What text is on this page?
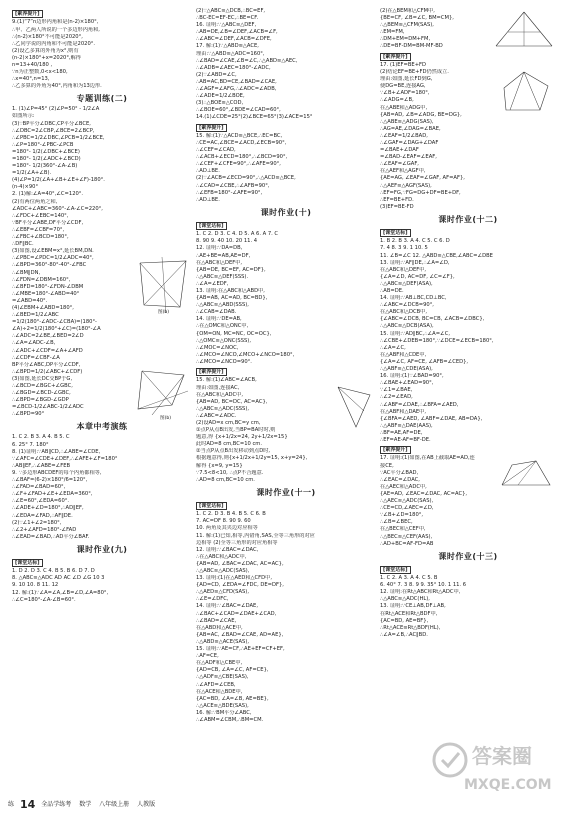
[素养提升]
9.(1)“7”n边形内角和是(n-2)×180°,
∴甲、乙两人所说的一个多边形内角和,
∴(n-2)×180°不可能是2020°,
∴乙同学说的内角和不可能是2020°.
(2)设乙多算的外角为x°,则有
(n-2)×180°+x=2020°,解得
n=13+40/180 ,
∵n为正整数,0<x<180,
∴x=40°,n=13,
∴乙多算的外角为40°,内角和为13边形.
专题训练(二)
1. (1)∠P=45° (2)∠P=50° - 1/2∠A
如图所示:
(3)∵BP平分∠DBC,CP平分∠BCE,
∴∠DBC=2∠CBP,∠BCE=2∠BCP,
∴∠PBC=1/2∠DBC,∠PCB=1/2∠BCE,
∴∠P=180°-∠PBC-∠PCB
=180°- 1/2(∠DBC+∠BCE)
=180°- 1/2(∠ADC+∠BCD)
=180°- 1/2(360°-∠A-∠B)
=1/2(∠A+∠B).
(4)∠P=1/2(∠A+∠B+∠E+∠F)-180°.
(n-4)×90°
2. (1)解:∠A=40°,∠C=120°.
(2)有两位两角之和,
∠ADC+∠ABC=360°-∠A-∠C=220°,
∴∠FDC+∠EBC=140°,
∵BF平分∠ABE,DF平分∠CDF,
∴∠EBF=∠CBF=70°,
∴∠FBC+∠BCD=180°,
∴DF∥BC.
(3)如图,设∠EBM=x°,延长BM,DN.
∴∠PBC=∠PDC=1/2∠ADC=40°,
∴∠BPD=360°-80°-40°-∠FBC
∴∠BM∥DN,
∴∠FDN=∠DBM=160°,
∴∠BFD=180°-∠FDN-∠DBM
∴∠MBE=180°-∠ABD=40°
=∠ABD=40°.
(4)∠EBM+∠ABD=180°,
图(b)
∴∠BED=1/2∠ABC
=1/2(180°-∠ADC-∠CBA)=(180°-
∠A)÷2=1/2(180°+∠C)=(180°-∠A
∴∠ADC=2∠BE,∠BED=2∠D
∴∠A=∠ADC-∠B,
∴∠ADC+∠CDF=∠A+∠AFD
∴∠CDF=∠CBF-∠A
BP平分∠ABC,DP平分∠CDF,
∴∠BPD=1/2(∠ABC+∠CDF)
(3)如图,延长DC交BP于G,
∴∠BCD=∠BGC+∠GBC,
∴∠BGD=∠BCD-∠GBC,
∴∠BPD=∠BGD-∠GDP
=∠BCD-1/2∠ABC-1/2∠ADC
∴∠BPD=90°
图(b)
本章中考演练
1. C 2. B 3. A 4. B 5. C
6. 25° 7. 180°
8. (1)证明:∵AB∥CD,∴∠ABE=∠CDE,
∵∠AFC=∠CDE+∠DEF,∴∠AFE+∠F=180°
∴AB∥EF,∴∠ABE=∠FEB
9. ∵多边形ABCDEF的每个内角都相等,
∴∠BAF=(6-2)×180°/6=120°,
∴∠FAD=∠BAD=60°,
∴∠F+∠FAD+∠E+∠EDA=360°,
∴∠E=60°,∠EDA=60°.
∴∠ADE+∠D=180°,∴AD∥EF,
∴∠EDA=∠FAD,∴AF∥DE.
(2)∵∠1+∠2=180°,
∴∠2+∠AFD=180°-∠FAD
∴∠EAD=∠BAD,∴AD平分∠BAF.
课时作业(九)
[课堂达标]
1. D 2. D 3. C 4. B 5. B 6. D 7. D
8. △ABC≌△ADC AD AC ∠D ∠G 10 3
9. 10 10. 8 11. 12
12. 解:(1)∵∠A=∠A,∠B=∠D,∠A=80°,
∴∠C=180°-∠A-∠B=60°.
(2)∵△ABC≌△DCB,∴BC=EF,
∴BC-EC=EF-EC,∴BE=CF.
16. 证明:∵△ABC≌△DEF,
∴AB=DE,∠B=∠DEF,∠ACB=∠F,
∴∠ABC=∠DEF,∠ACB=∠DFE,
17. 解:(1)∵△ABD≌△ACE,
理由:∵△ABD≌△ADC=160°,
∴∠BAD=∠CAE,∠B=∠C,∴△ABD≌△AEC,
∴∠ADB=∠AEC=180°-∠ADC,
(2)∵∠ABD=∠C,
∴AB=AC,BD=CE,∠BAD=∠CAE,
∴∠AGF=∠AFG,∴∠ADC=∠ADB,
∴∠ADE=1/2∠BOE,
(3)∴△BOE≌△COD,
∴∠BOE=60°,∠BDE=∠CAD=60°,
14.(1)∠CDE=25°(2)∠BCE=65°(3)∠ACE=15°
[素养提升]
15. 解:(1)∵△ACD≌△BCE,∴EC=BC,
∴CE=AC,∠BCE=∠ACD,∠ECB=90°,
∴∠CEF=∠CAD,
∴∠ACB+∠ECD=180°,∴∠BCD=90°,
∴∠CEF+∠CFE=90°,∴∠AFE=90°,
∴AD⊥BE.
(2)∵∠ACB=∠ECD=90°,∴△ACD≌△BCE,
∴∠CAD=∠CBE,∴∠AFB=90°,
∴∠EFB=180°-∠AFE=90°,
∴AD⊥BE.
课时作业(十)
[课堂达标]
1. C 2. D 3. C 4. D 5. A 6. A 7. C
8. 90 9. 40 10. 20 11. 4
12. 证明:∵DA=DB,
∴AE+BE=AB,AE=DF,
在△ABC和△DEF中,
{AB=DE, BC=EF, AC=DF},
∴△ABC≌△DEF(SSS).
∴∠A=∠EDF,
13. 证明:在△ABC和△ABD中,
{AB=AB, AC=AD, BC=BD},
∴△ABC≌△ABD(SSS),
∴∠CAB=∠DAB.
14. 证明:∵DE=AB,
∴在△OMC和△ONC中,
{OM=ON, MC=NC, OC=OC},
∴△OMC≌△ONC(SSS),
∴∠MOC=∠NOC,
∴∠MCO=∠NCO,∠MCO+∠NCO=180°,
∴∠MCO=∠NCO=90°.
[素养提升]
15. 解:(1)∠ABC=∠ACB,
理由:如图,连接AC,
在△ABC和△ADC中,
{AB=AD, BC=DC, AC=AC},
∴△ABC≌△ADC(SSS),
∴∠ABC=∠ADC.
(2)设AD=x cm,BC=y cm,
①点P从点B出发,当BP=BA时时,则
题意,得 {x+1/2x=24, 2y+1/2x=15}
此时AD=8 cm,BC=10 cm.
②当点P从点B出发移动到点D时,
根据题意得,则{x+1/2x+1/2y=15, x+y=24},
解得 {x=9, y=15}
∵7.5<8<10, ∴点P不合题意.
∴AD=8 cm,BC=10 cm.
课时作业(十一)
[课堂达标]
1. C 2. D 3. B 4. B 5. C 6. B
7. AC=DF 8. 90 9. 60
10. 两角及其夹边对应相等
11. 解:(1)已知,相等,内错角,SAS,全等三角形的对应
边相等 (2)全等三角形的对应角相等
12. 证明:∵∠BAC=∠DAC,
∴在△ABC和△ADC中,
{AB=AD, ∠BAC=∠DAC, AC=AC},
∴△ABC≌△ADC(SAS),
13. 证明:(1)在△AED和△CFD中,
{AD=CD, ∠EDA=∠FDC, DE=DF},
∴△AED≌△CFD(SAS),
∴∠E=∠DFC,
14. 证明:∵∠BAC=∠DAE,
∴∠BAC+∠CAD=∠DAE+∠CAD,
∴∠BAD=∠CAE,
在△ABD和△ACE中,
{AB=AC, ∠BAD=∠CAE, AD=AE},
∴△ABD≌△ACE(SAS),
15. 证明:∵AE=CF,∴AE+EF=CF+EF,
∴AF=CE,
在△ADF和△CBE中,
{AD=CB, ∠A=∠C, AF=CE},
∴△ADF≌△CBE(SAS),
∴∠AFD=∠CEB,
在△ACE和△BDE中,
{AC=BD, ∠A=∠B, AE=BE},
∴△ACE≌△BDE(SAS),
16. 解:∵BM平分∠ABC,
∴∠ABM=∠CBM,∴BM=CM.
(2)在△BEM和△CFM中,
{BE=CF, ∠B=∠C, BM=CM},
∴△BEM≌△CFM(SAS),
∴EM=FM,
∴DM+EM=DM+FM,
∴DE=BF-DM=BM-MF-BD
[素养提升]
17. (1)EF=BE+FD
(2)结论EF=BE+FD仍然成立.
理由:如图,延长FD到G,
使DG=BE,连接AG,
∵∠B+∠ADF=180°,
∴∠ADG=∠B,
在△ABE和△ADG中,
{AB=AD, ∠B=∠ADG, BE=DG},
∴△ABE≌△ADG(SAS),
∴AG=AE,∠DAG=∠BAE,
∴∠EAF=1/2∠BAD,
∴∠GAF=∠DAG+∠DAF
=∠BAE+∠DAF
=∠BAD-∠EAF=∠EAF,
∴∠EAF=∠GAF,
在△AEF和△AGF中,
{AE=AG, ∠EAF=∠GAF, AF=AF},
∴△AEF≌△AGF(SAS),
∴EF=FG,∵FG=DG+DF=BE+DF,
∴EF=BE+FD.
(3)EF=BE-FD
课时作业(十二)
[课堂达标]
1. B 2. B 3. A 4. C 5. C 6. D
7. 4 8. 3 9. 1 10. 5
11. ∠B=∠C 12. △ABD≌△CBE,∠ABC=∠DBE
13. 证明:∵AF∥DE,∴∠A=∠D,
在△ABC和△DEF中,
{∠A=∠D, AC=DF, ∠C=∠F},
∴△ABC≌△DEF(ASA),
∴AB=DE.
14. 证明:∵AB⊥BC,CD⊥BC,
∴∠ABC=∠DCB=90°,
在△ABC和△DCB中,
{∠ABC=∠DCB, BC=CB, ∠ACB=∠DBC},
∴△ABC≌△DCB(ASA),
15. 证明:∵AD∥BC,∴∠A=∠C,
∴∠CBE+∠DEB=180°,∵∠DCE=∠ECB=180°,
∴∠A=∠C,
在△ABF和△CDE中,
{∠A=∠C, AF=CE, ∠AFB=∠CED},
∴△ABF≌△CDE(ASA),
16. 证明:(1)∵∠BAD=90°,
∴∠BAE+∠EAD=90°,
∵∠1=∠BAE,
∴∠2=∠EAD,
∴∠ABF=∠DAE,∴∠BFA=∠AED,
在△ABF和△DAE中,
{∠BFA=∠AED, ∠ABF=∠DAE, AB=DA},
∴△ABF≌△DAE(AAS),
∴BF=AE,AF=DE,
∴EF=AE-AF=BF-DE.
[素养提升]
17. 证明:(1)如图,在AB上截取AE=AD,连
接CE,
∵AC平分∠BAD,
∴∠EAC=∠DAC,
在△AEC和△ADC中,
{AE=AD, ∠EAC=∠DAC, AC=AC},
∴△AEC≌△ADC(SAS),
∴CE=CD,∠AEC=∠D,
∵∠B+∠D=180°,
∴∠B=∠BEC,
在△BEC和△CEF中,
∴△BEC≌△CEF(AAS),
∴AD+BC=AF-FD=AB
课时作业(十三)
[课堂达标]
1. C 2. A 3. A 4. C 5. B
6. 40° 7. 3 8. 9 9. 35° 10. 1 11. 6
12. 证明:在Rt△ABC和Rt△ADC中,
∴△ABC≌△ADC(HL),
13. 证明:∵CE⊥AB,DF⊥AB,
在Rt△ACE和Rt△BDF中,
{AC=BD, AE=BF},
∴Rt△ACE≌Rt△BDF(HL),
∴∠A=∠B,∴AC∥BD.
练 14 全品学练考 数学 八年级上册 人教版
答案圈
MXQE.COM
